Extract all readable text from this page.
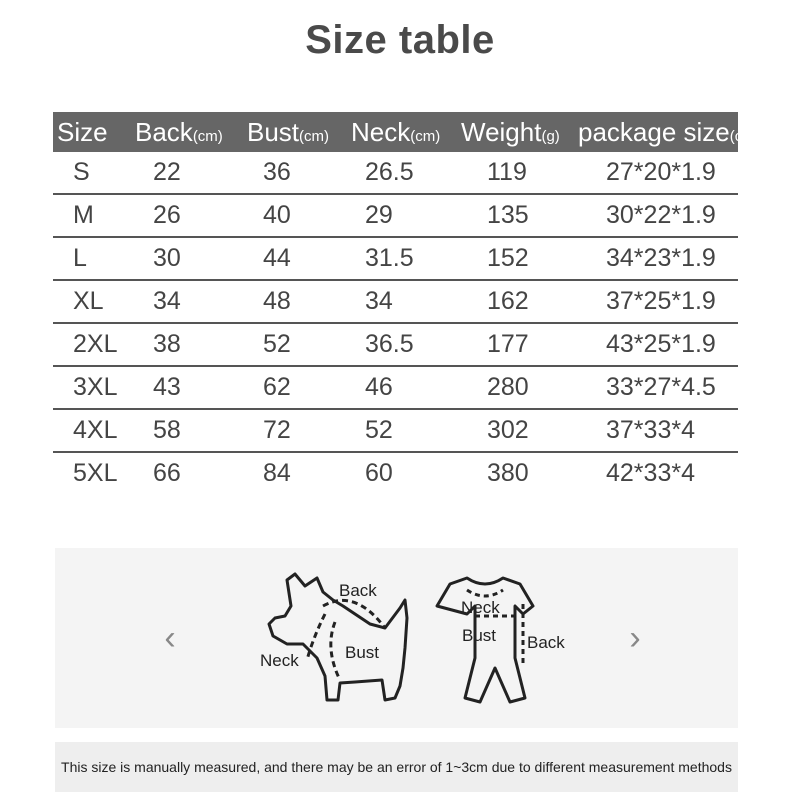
Size table
Size	Back(cm)	Bust(cm)	Neck(cm)	Weight(g)	package size(cm)
S	22	36	26.5	119	27*20*1.9
M	26	40	29	135	30*22*1.9
L	30	44	31.5	152	34*23*1.9
XL	34	48	34	162	37*25*1.9
2XL	38	52	36.5	177	43*25*1.9
3XL	43	62	46	280	33*27*4.5
4XL	58	72	52	302	37*33*4
5XL	66	84	60	380	42*33*4
‹	›
Back
Neck	Bust
Neck
Bust Back
This size is manually measured, and there may be an error of 1~3cm due to different measurement methods
